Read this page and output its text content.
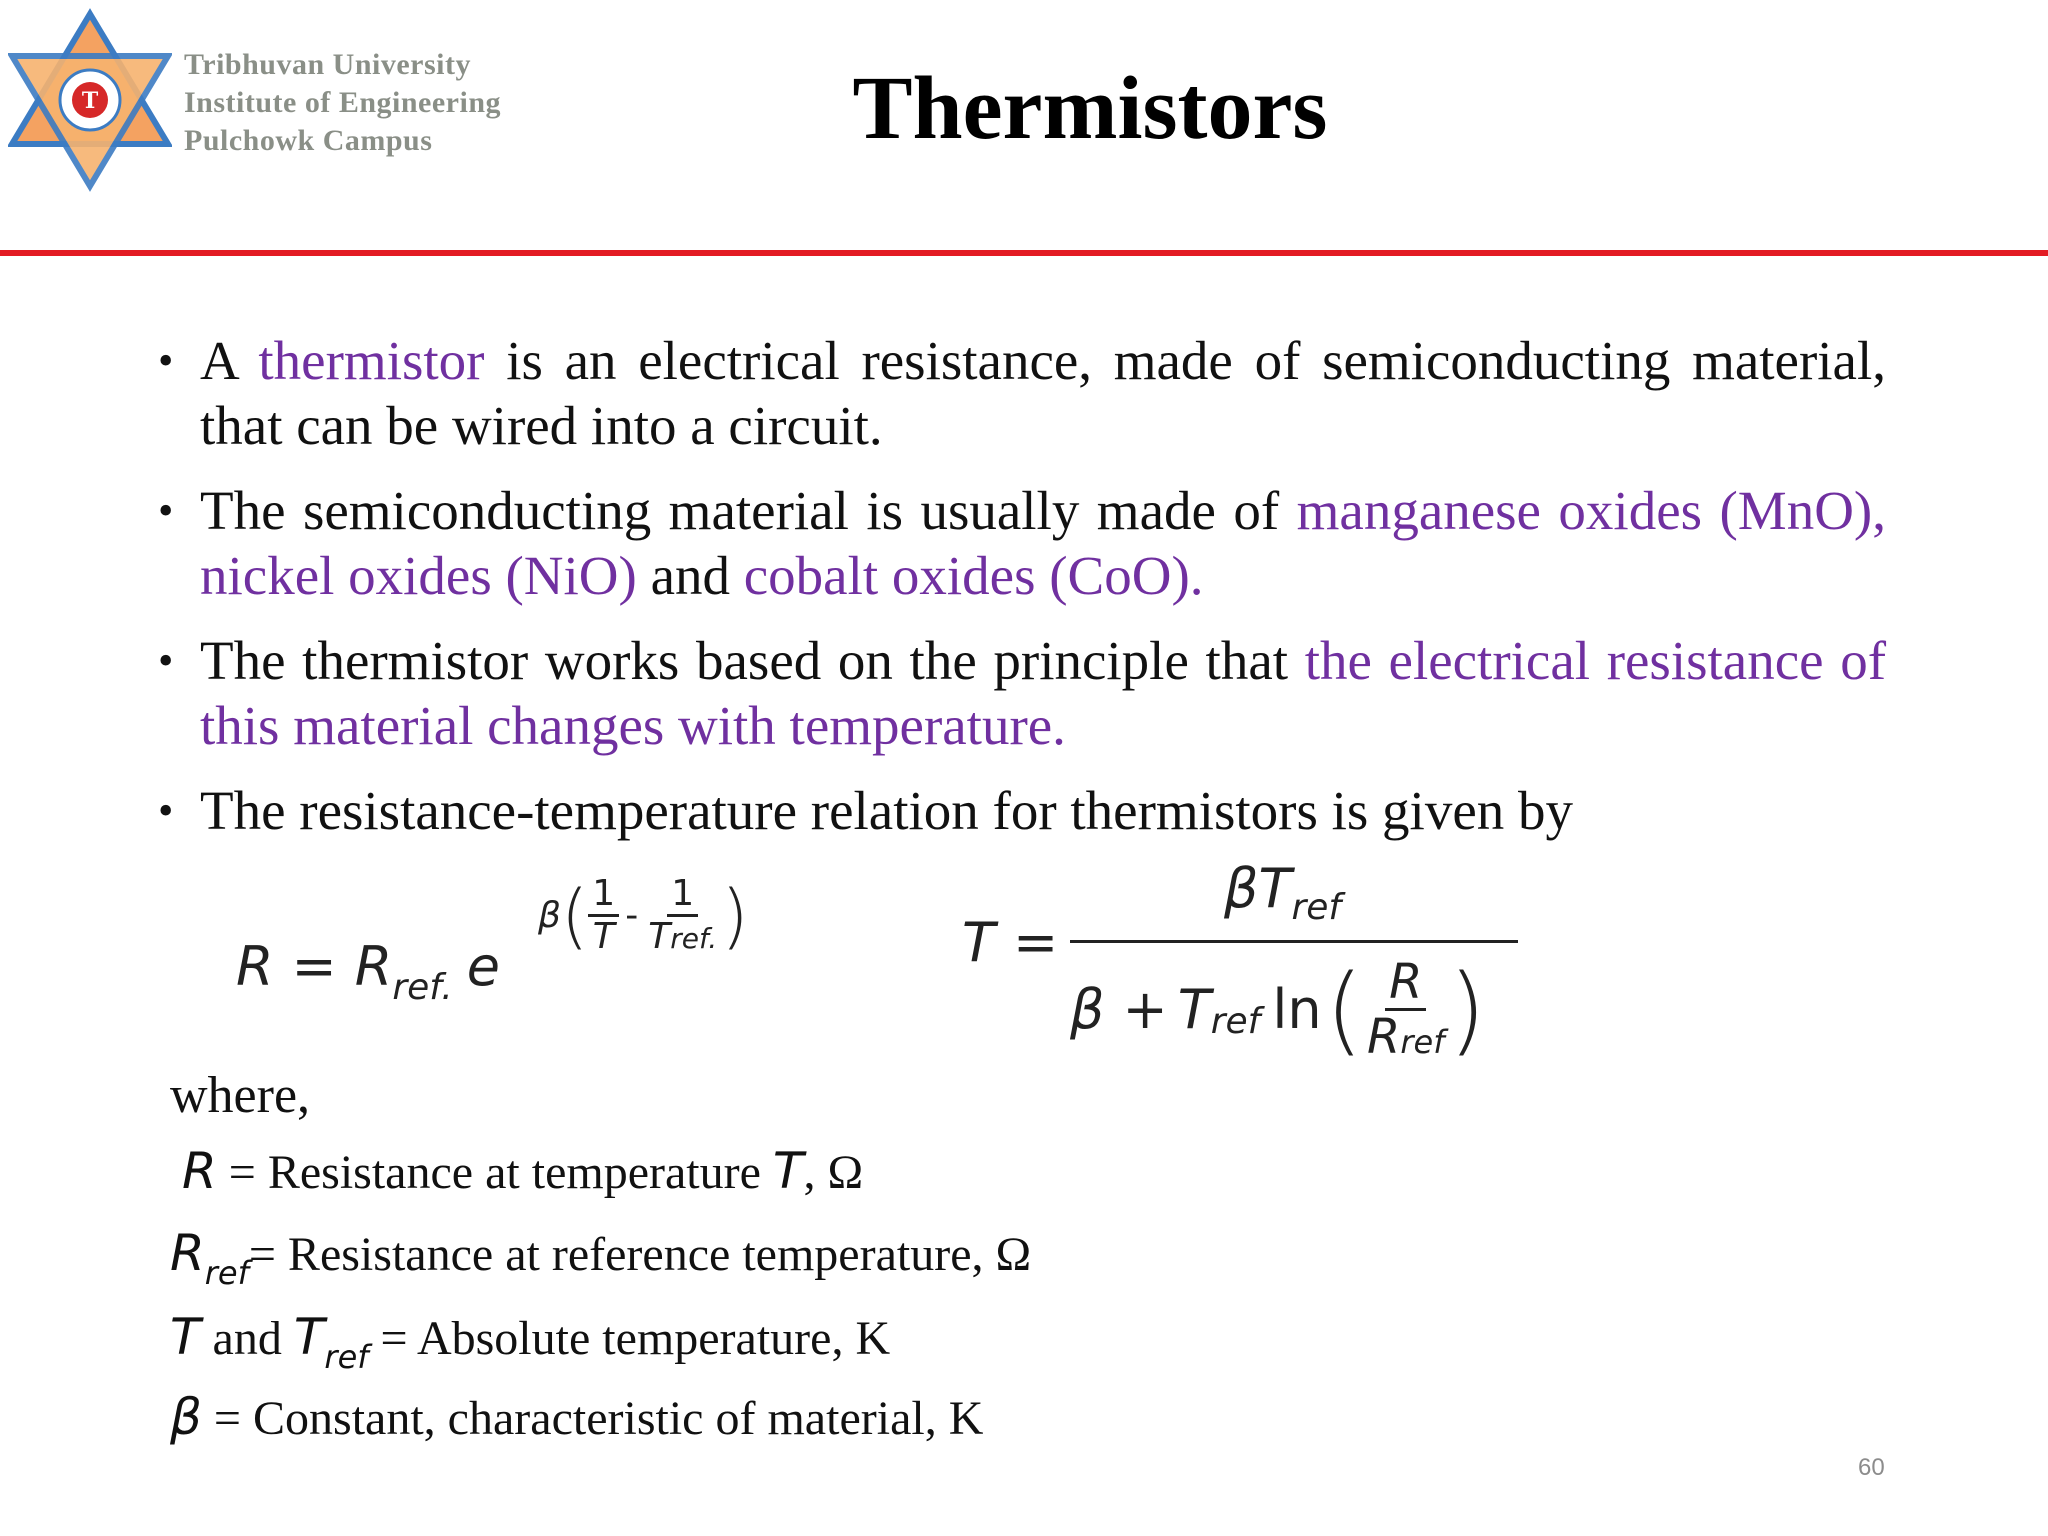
T
Tribhuvan University
Institute of Engineering
Pulchowk Campus	Thermistors
• A thermistor is an electrical resistance, made of semiconducting material, that can be wired into a circuit.
• The semiconducting material is usually made of manganese oxides (MnO), nickel oxides (NiO) and cobalt oxides (CoO).
• The thermistor works based on the principle that the electrical resistance of this material changes with temperature.
• The resistance-temperature relation for thermistors is given by
R = R ref. e
β ( $\frac{1}{T} - \frac{1}{\text{Tref.}}$ )	T =
β T ref
β + T ref ln ( $\frac{R}{\text{Rref}}$ )
where,
R = Resistance at temperature T, Ω
$R_{ref}=$ Resistance at reference temperature, Ω
T and $T_{ref}$ = Absolute temperature, K
β = Constant, characteristic of material, K
60
